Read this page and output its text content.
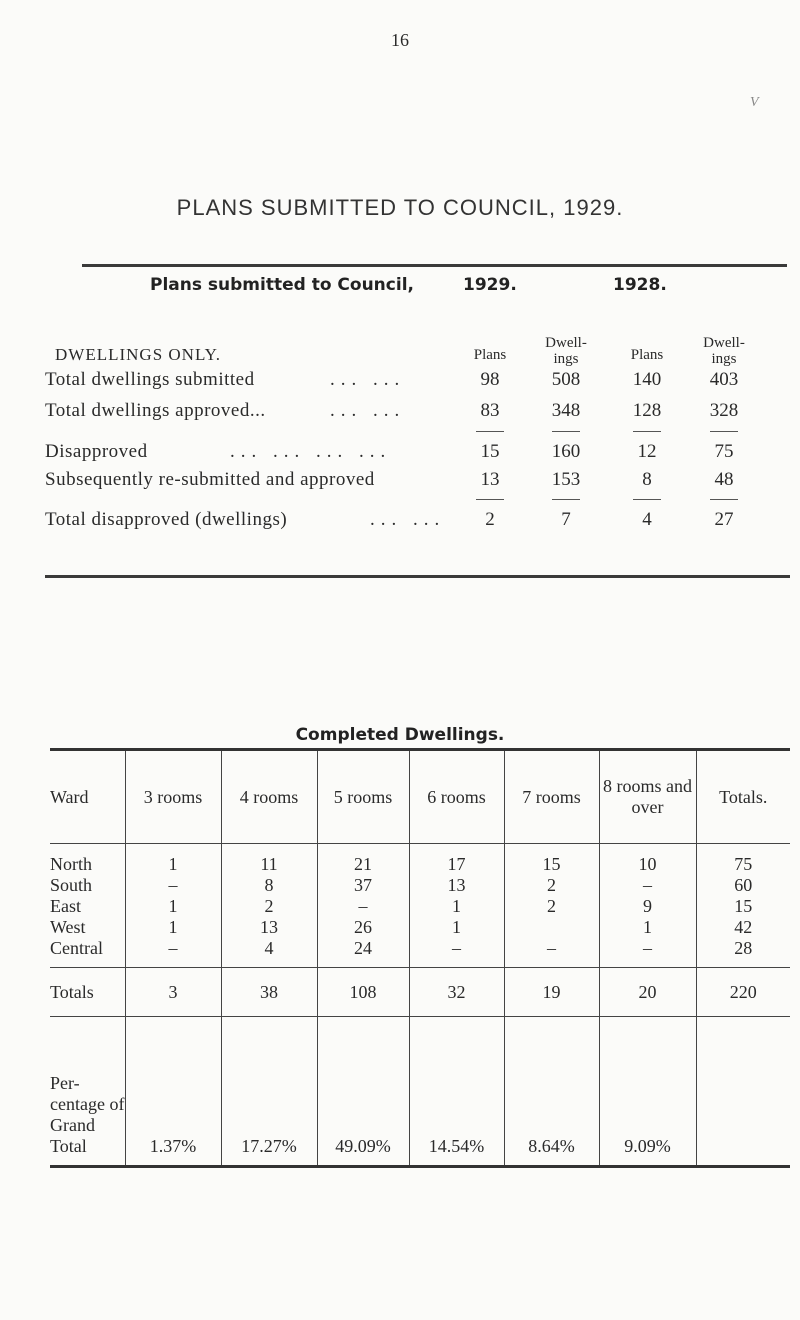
16
V
PLANS SUBMITTED TO COUNCIL, 1929.
Plans submitted to Council,	1929.	1928.
DWELLINGS ONLY.	Plans
Dwell- ings	Plans
Dwell- ings
Total dwellings submitted	... ...	98	508	140	403
Total dwellings approved...	... ...	83	348	128	328
Disapproved	... ... ... ...	15	160	12	75
Subsequently re-submitted and approved	13	153	8	48
Total disapproved (dwellings)	... ...	2	7	4	27
Completed Dwellings.
Ward	3 rooms	4 rooms	5 rooms	6 rooms	7 rooms	8 rooms and over	Totals.
North	1	11	21	17	15	10	75
South	–	8	37	13	2	–	60
East	1	2	–	1	2	9	15
West	1	13	26	1		1	42
Central	–	4	24	–	–	–	28
Totals	3	38	108	32	19	20	220

Per- centage of Grand Total	1.37%	17.27%	49.09%	14.54%	8.64%	9.09%	
